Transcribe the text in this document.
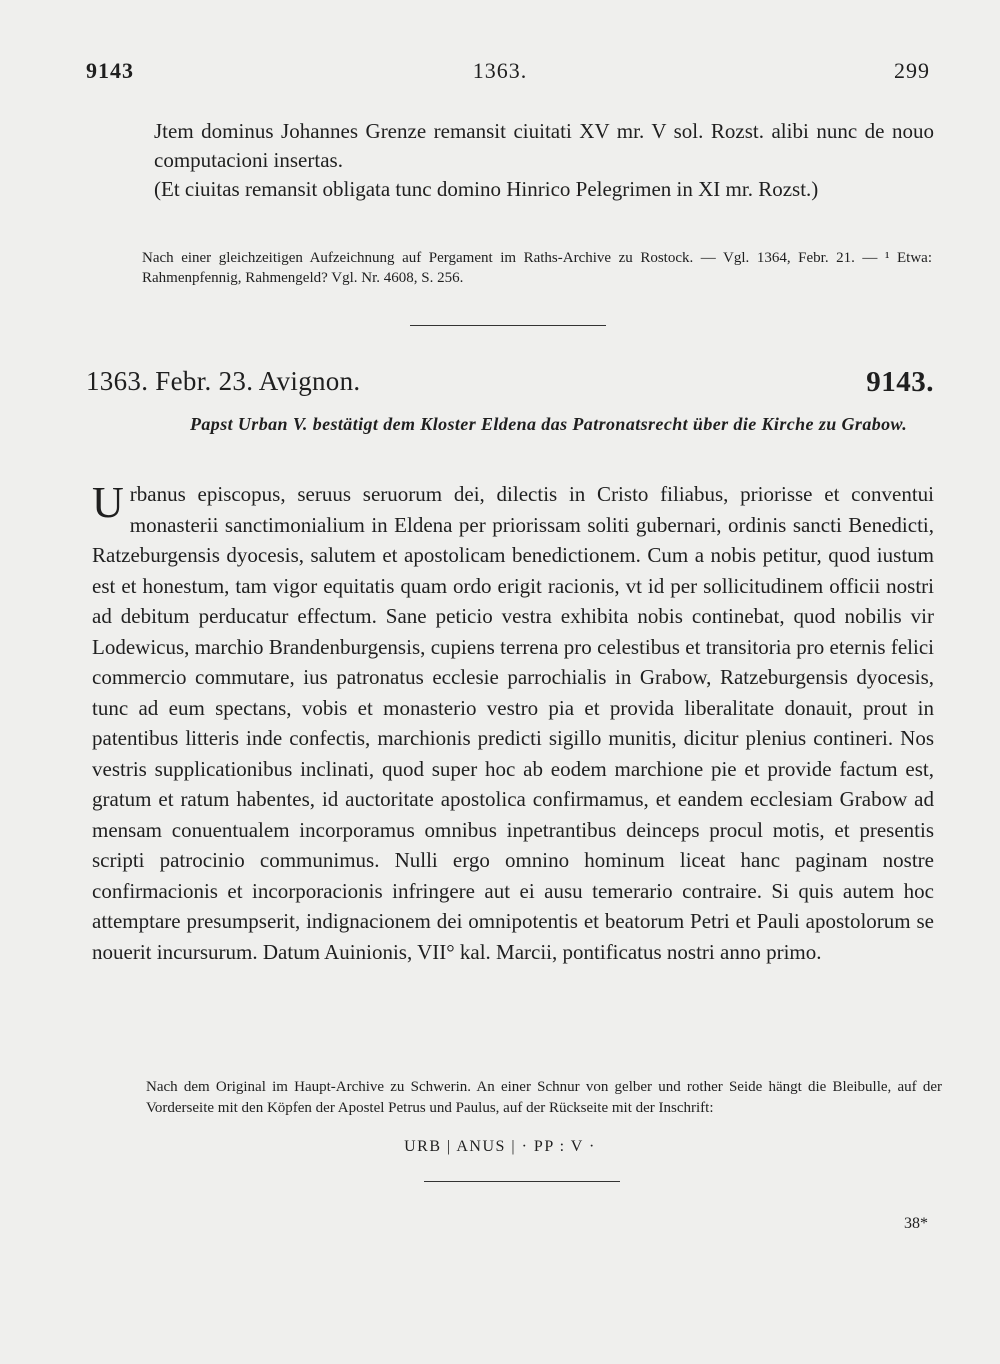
9143	1363.	299
Jtem dominus Johannes Grenze remansit ciuitati XV mr. V sol. Rozst. alibi nunc de nouo computacioni insertas.
(Et ciuitas remansit obligata tunc domino Hinrico Pelegrimen in XI mr. Rozst.)
Nach einer gleichzeitigen Aufzeichnung auf Pergament im Raths-Archive zu Rostock. — Vgl. 1364, Febr. 21. — ¹ Etwa: Rahmenpfennig, Rahmengeld? Vgl. Nr. 4608, S. 256.
1363. Febr. 23. Avignon.	9143.
Papst Urban V. bestätigt dem Kloster Eldena das Patronatsrecht über die Kirche zu Grabow.
Urbanus episcopus, seruus seruorum dei, dilectis in Cristo filiabus, priorisse et conventui monasterii sanctimonialium in Eldena per priorissam soliti gubernari, ordinis sancti Benedicti, Ratzeburgensis dyocesis, salutem et apostolicam benedictionem. Cum a nobis petitur, quod iustum est et honestum, tam vigor equitatis quam ordo erigit racionis, vt id per sollicitudinem officii nostri ad debitum perducatur effectum. Sane peticio vestra exhibita nobis continebat, quod nobilis vir Lodewicus, marchio Brandenburgensis, cupiens terrena pro celestibus et transitoria pro eternis felici commercio commutare, ius patronatus ecclesie parrochialis in Grabow, Ratzeburgensis dyocesis, tunc ad eum spectans, vobis et monasterio vestro pia et provida liberalitate donauit, prout in patentibus litteris inde confectis, marchionis predicti sigillo munitis, dicitur plenius contineri. Nos vestris supplicationibus inclinati, quod super hoc ab eodem marchione pie et provide factum est, gratum et ratum habentes, id auctoritate apostolica confirmamus, et eandem ecclesiam Grabow ad mensam conuentualem incorporamus omnibus inpetrantibus deinceps procul motis, et presentis scripti patrocinio communimus. Nulli ergo omnino hominum liceat hanc paginam nostre confirmacionis et incorporacionis infringere aut ei ausu temerario contraire. Si quis autem hoc attemptare presumpserit, indignacionem dei omnipotentis et beatorum Petri et Pauli apostolorum se nouerit incursurum. Datum Auinionis, VII° kal. Marcii, pontificatus nostri anno primo.
Nach dem Original im Haupt-Archive zu Schwerin. An einer Schnur von gelber und rother Seide hängt die Bleibulle, auf der Vorderseite mit den Köpfen der Apostel Petrus und Paulus, auf der Rückseite mit der Inschrift:
URB | ANUS | · PP : V ·
38*
